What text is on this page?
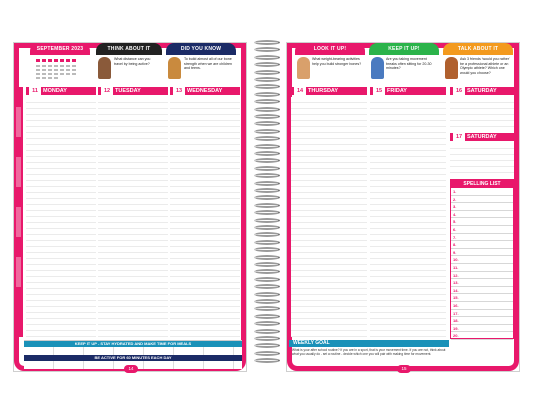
SEPTEMBER 2023	THINK ABOUT IT
What distance can you travel by being active?
DID YOU KNOW
To build almost all of our bone strength when we are children and teens.
11 MONDAY	12 TUESDAY	13 WEDNESDAY
KEEP IT UP - STAY HYDRATED AND MAKE TIME FOR MEALS
BE ACTIVE FOR 60 MINUTES EACH DAY
14
LOOK IT UP!
What weight-bearing activities help you build stronger bones?
KEEP IT UP!
Are you taking movement breaks often sitting for 20-30 minutes?
TALK ABOUT IT
Ask 3 friends 'would you rather' be a professional athlete or an Olympic athlete? Which one would you choose?
14 THURSDAY	15 FRIDAY	16 SATURDAY
17 SATURDAY
SPELLING LIST
1.
2.
3.
4.
5.
6.
7.
8.
9.
10.
11.
12.
13.
14.
15.
16.
17.
18.
19.
20.
WEEKLY GOAL
What is your after school routine? If you are in a sport, that is your movement time. If you are not, think about what you usually do - set a routine - decide which one you will pair with making time for movement.
15
